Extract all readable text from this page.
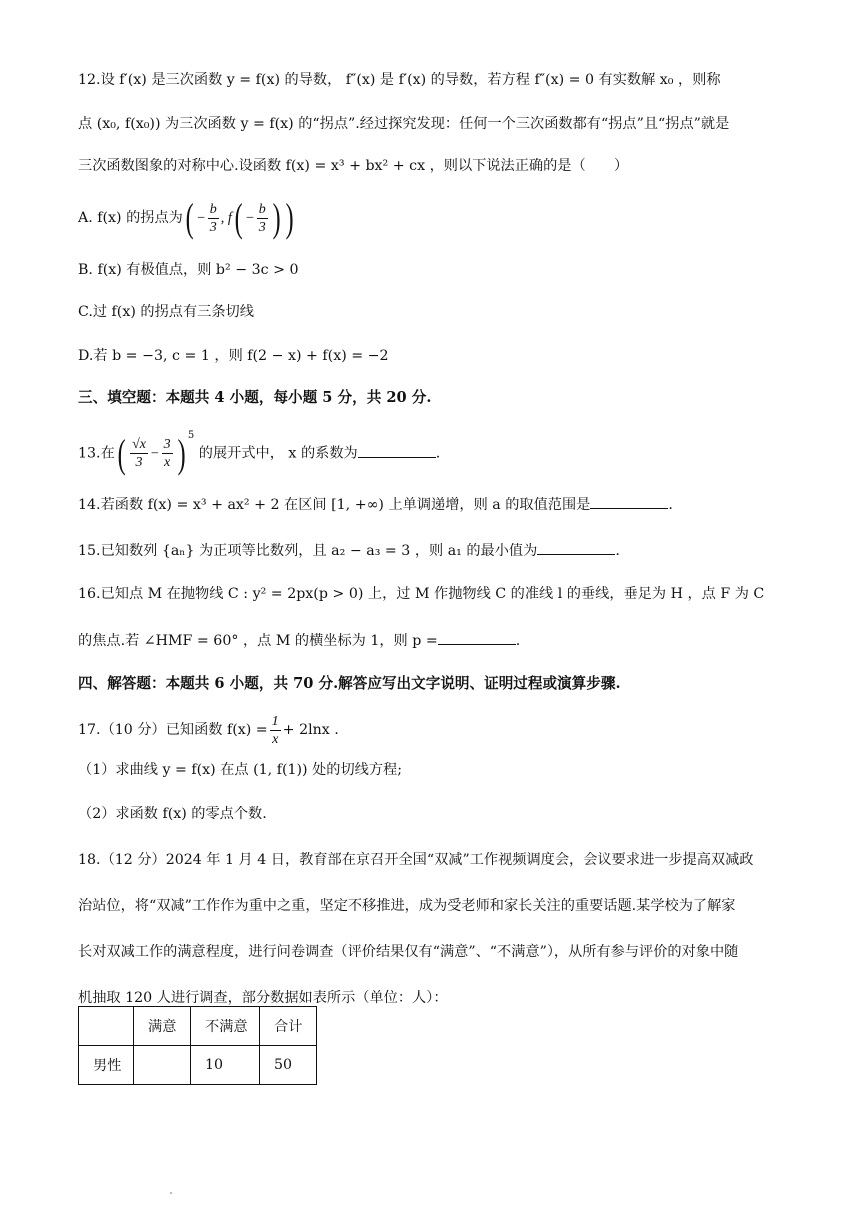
12.设 f′(x) 是三次函数 y = f(x) 的导数， f″(x) 是 f′(x) 的导数，若方程 f″(x) = 0 有实数解 x₀ ，则称
点 (x₀, f(x₀)) 为三次函数 y = f(x) 的“拐点”.经过探究发现：任何一个三次函数都有“拐点”且“拐点”就是
三次函数图象的对称中心.设函数 f(x) = x³ + bx² + cx ，则以下说法正确的是（　　）
A. f(x) 的拐点为( − $\frac{b}{3}$ , $f( - \frac{b}{3}$ ) )
B. f(x) 有极值点，则 b² − 3c > 0
C.过 f(x) 的拐点有三条切线
D.若 b = −3, c = 1 ，则 f(2 − x) + f(x) = −2
三、填空题：本题共 4 小题，每小题 5 分，共 20 分.
13.在( $\frac{√x}{3} - \frac{3}{x}$ ) $^5$ 的展开式中， x 的系数为	.
14.若函数 f(x) = x³ + ax² + 2 在区间 [1, +∞) 上单调递增，则 a 的取值范围是	.
15.已知数列 {aₙ} 为正项等比数列，且 a₂ − a₃ = 3 ，则 a₁ 的最小值为	.
16.已知点 M 在抛物线 C : y² = 2px(p > 0) 上，过 M 作抛物线 C 的准线 l 的垂线，垂足为 H ，点 F 为 C
的焦点.若 ∠HMF = 60° ，点 M 的横坐标为 1，则 p =	.
四、解答题：本题共 6 小题，共 70 分.解答应写出文字说明、证明过程或演算步骤.
17.（10 分）已知函数 $f(x) = \frac{1}{x} + 2\ln x$ .
（1）求曲线 y = f(x) 在点 (1, f(1)) 处的切线方程;
（2）求函数 f(x) 的零点个数.
18.（12 分）2024 年 1 月 4 日，教育部在京召开全国“双减”工作视频调度会，会议要求进一步提高双减政
治站位，将“双减”工作作为重中之重，坚定不移推进，成为受老师和家长关注的重要话题.某学校为了解家
长对双减工作的满意程度，进行问卷调查（评价结果仅有“满意”、“不满意”），从所有参与评价的对象中随
机抽取 120 人进行调查，部分数据如表所示（单位：人）：
	满意	不满意	合计
男性		10	50
